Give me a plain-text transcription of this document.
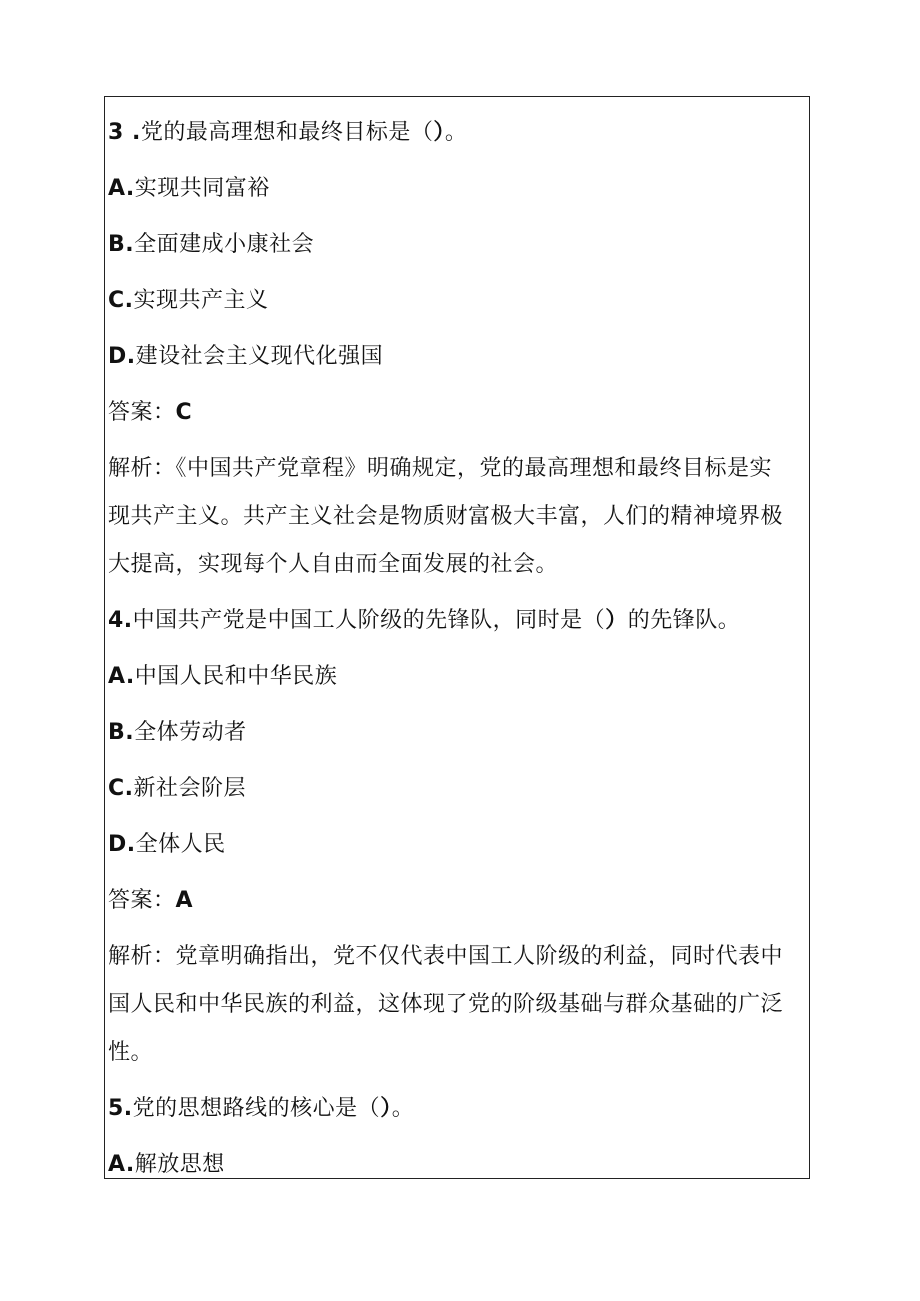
3 .党的最高理想和最终目标是（）。
A.实现共同富裕
B.全面建成小康社会
C.实现共产主义
D.建设社会主义现代化强国
答案：C
解析：《中国共产党章程》明确规定，党的最高理想和最终目标是实
现共产主义。共产主义社会是物质财富极大丰富，人们的精神境界极
大提高，实现每个人自由而全面发展的社会。
4.中国共产党是中国工人阶级的先锋队，同时是（）的先锋队。
A.中国人民和中华民族
B.全体劳动者
C.新社会阶层
D.全体人民
答案：A
解析：党章明确指出，党不仅代表中国工人阶级的利益，同时代表中
国人民和中华民族的利益，这体现了党的阶级基础与群众基础的广泛
性。
5.党的思想路线的核心是（）。
A.解放思想
